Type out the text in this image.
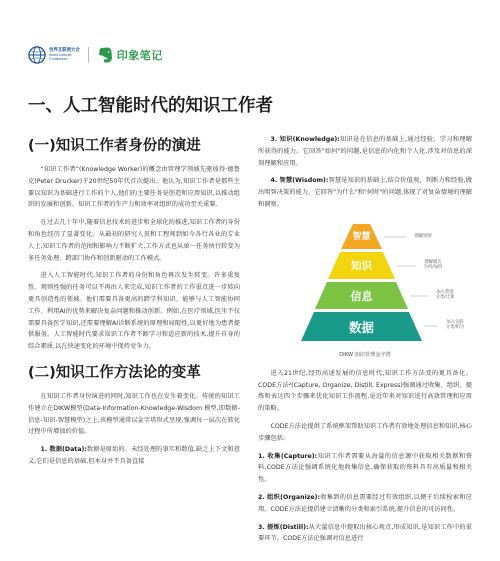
世界互联网大会
World Internet
Conference	印象笔记
一、人工智能时代的知识工作者
(一)知识工作者身份的演进

“知识工作者”(Knowledge Worker)的概念由管理学领域先驱彼得·德鲁克(Peter Drucker)于20世纪50年代首次提出。他认为,知识工作者是那些主要以知识为基础进行工作的个人,他们的主要任务是创造和应用知识,以推动组织的发展和创新。知识工作者的生产力和效率对组织的成功至关重要。

在过去几十年中,随着信息技术的进步和全球化的推进,知识工作者的身份和角色经历了显著变化。从最初的研究人员和工程师到如今各行各业的专业人士,知识工作者的范围和影响力不断扩大,工作方式也从单一任务执行转变为多任务处理、跨部门协作和创新驱动的工作模式。

进入人工智能时代,知识工作者的身份和角色再次发生转变。许多重复性、规则性强的任务可以不再由人来完成,知识工作者的工作重点进一步转向更具创造性的领域。他们需要具备更高的跨学科知识、能够与人工智能协同工作、利用AI的优势来解决复杂问题和推动创新。例如,在医疗领域,医生不仅需要具备医学知识,还需要理解AI诊断系统的原理和局限性,以更好地为患者提供服务。人工智能时代要求知识工作者不断学习和适应新的技术,提升自身的综合素质,以在快速变化的环境中保持竞争力。

(二)知识工作方法论的变革

在知识工作者身份演进的同时,知识工作也在发生着变化。传统的知识工作建立在DIKW模型(Data-Information-Knowledge-Wisdom 模型,即数据-信息-知识-智慧模型)之上,该模型通常以金字塔形式呈现,强调每一层次在转化过程中所增加的价值。

1. 数据(Data):数据是原始的、未经处理的事实和数值,缺乏上下文和意义,它们是信息的基础,但本身并不具备直接

3. 知识(Knowledge):知识是在信息的基础上,通过经验、学习和理解所获得的能力。它回答"如何"的问题,是信息的内化和个人化,涉及对信息的深刻理解和应用。

4. 智慧(Wisdom):智慧是知识的基础上,结合价值观、判断力和经验,做出明智决策的能力。它回答"为什么"和"何时"的问题,体现了对复杂情境的理解和洞察。

智慧
知识
信息
数据
理解原则
理解模式
为何/如何
加入背景
分类/计算
加入关联
分类/组合
DIKW 知识管理金字塔

进入21世纪,经历高速发展的信息时代,知识工作方法变的更具备化。CODE方法²(Capture, Organize, Distill, Express)强调通过收集、组织、提炼和表达四个步骤来优化知识工作流程,是近年来对知识进行高效管理和应用的策略。

CODE方法论提供了系统框架帮助知识工作者有效地处理信息和知识,核心步骤包括:

1. 收集(Capture):知识工作者需要从海量的信息源中获取相关数据和资料,CODE方法论强调系统化地收集信息,确保获取的资料具有高质量和相关性。

2. 组织(Organize):收集到的信息需要经过有效组织,以便于后续检索和应用。CODE方法论提倡建立清晰的分类和索引系统,提升信息的可访问性。

3. 提炼(Distill):从大量信息中提取出核心观点,形成知识,是知识工作中的重要环节。CODE方法论强调对信息进行
